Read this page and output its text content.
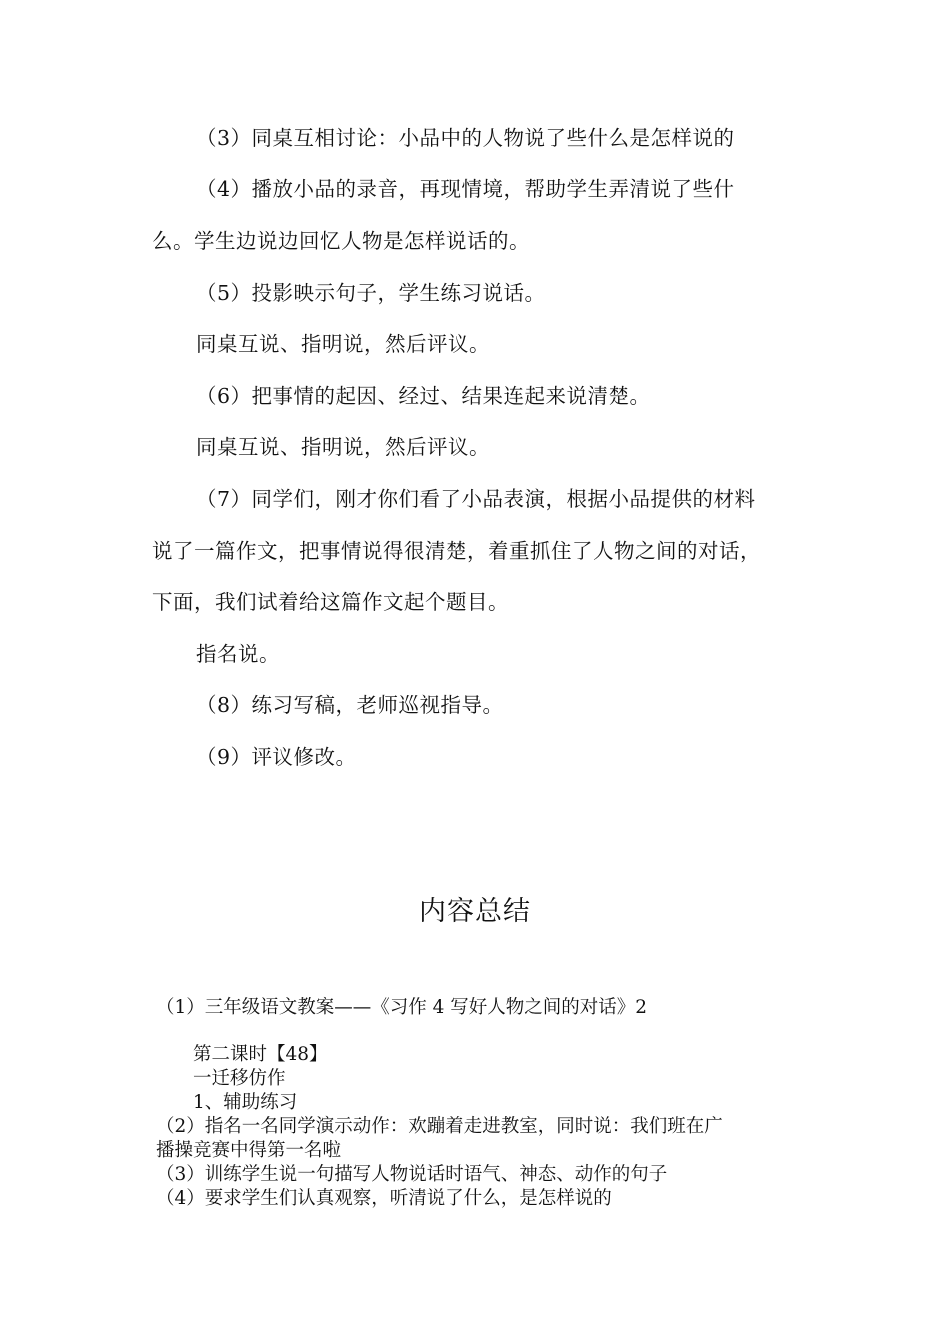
（3）同桌互相讨论：小品中的人物说了些什么是怎样说的
（4）播放小品的录音，再现情境，帮助学生弄清说了些什
么。学生边说边回忆人物是怎样说话的。
（5）投影映示句子，学生练习说话。
同桌互说、指明说，然后评议。
（6）把事情的起因、经过、结果连起来说清楚。
同桌互说、指明说，然后评议。
（7）同学们，刚才你们看了小品表演，根据小品提供的材料
说了一篇作文，把事情说得很清楚，着重抓住了人物之间的对话，
下面，我们试着给这篇作文起个题目。
指名说。
（8）练习写稿，老师巡视指导。
（9）评议修改。
内容总结
（1）三年级语文教案——《习作 4 写好人物之间的对话》2
第二课时【48】
一迁移仿作
1、辅助练习
（2）指名一名同学演示动作：欢蹦着走进教室，同时说：我们班在广
播操竞赛中得第一名啦
（3）训练学生说一句描写人物说话时语气、神态、动作的句子
（4）要求学生们认真观察，听清说了什么，是怎样说的
